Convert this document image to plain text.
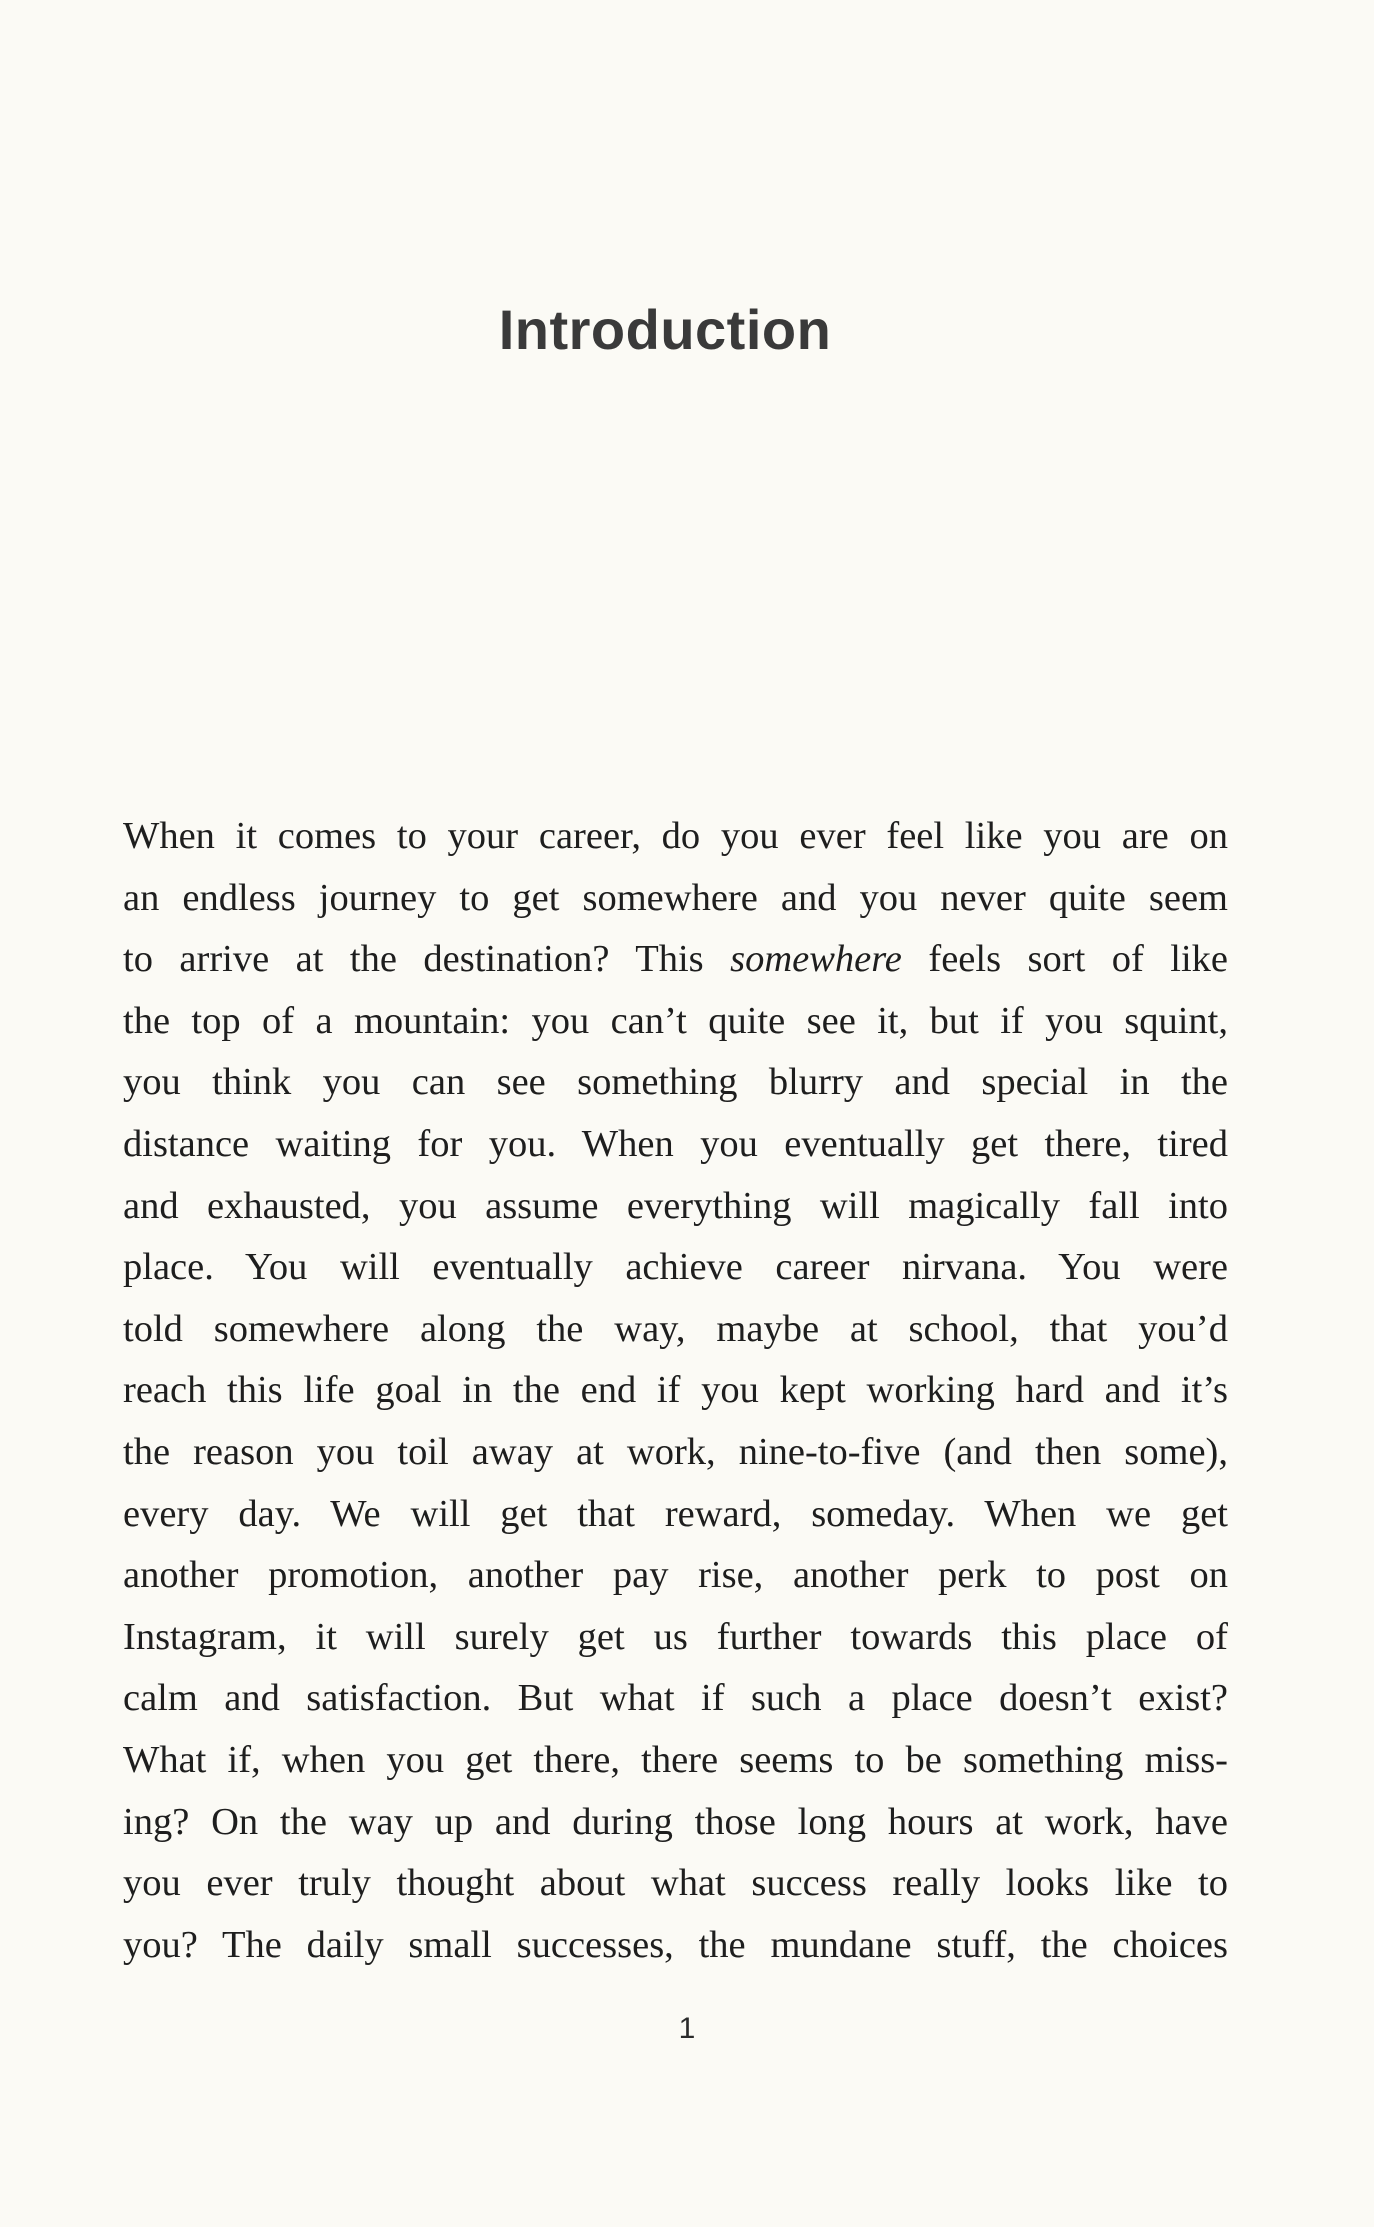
Introduction
When it comes to your career, do you ever feel like you are on
an endless journey to get somewhere and you never quite seem
to arrive at the destination? This somewhere feels sort of like
the top of a mountain: you can’t quite see it, but if you squint,
you think you can see something blurry and special in the
distance waiting for you. When you eventually get there, tired
and exhausted, you assume everything will magically fall into
place. You will eventually achieve career nirvana. You were
told somewhere along the way, maybe at school, that you’d
reach this life goal in the end if you kept working hard and it’s
the reason you toil away at work, nine-to-five (and then some),
every day. We will get that reward, someday. When we get
another promotion, another pay rise, another perk to post on
Instagram, it will surely get us further towards this place of
calm and satisfaction. But what if such a place doesn’t exist?
What if, when you get there, there seems to be something miss-
ing? On the way up and during those long hours at work, have
you ever truly thought about what success really looks like to
you? The daily small successes, the mundane stuff, the choices
1
